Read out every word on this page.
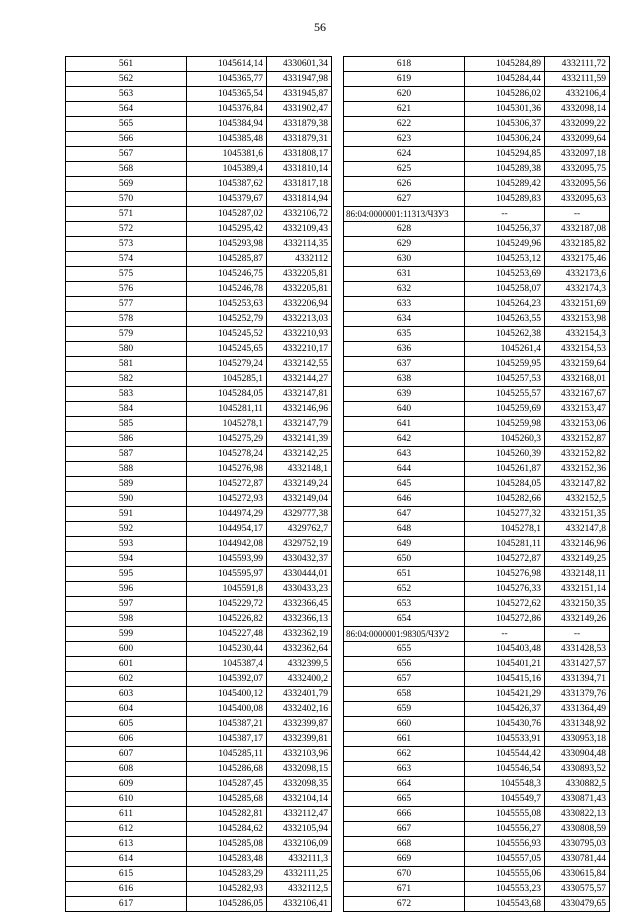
56
561	1045614,14	4330601,34
562	1045365,77	4331947,98
563	1045365,54	4331945,87
564	1045376,84	4331902,47
565	1045384,94	4331879,38
566	1045385,48	4331879,31
567	1045381,6	4331808,17
568	1045389,4	4331810,14
569	1045387,62	4331817,18
570	1045379,67	4331814,94
571	1045287,02	4332106,72
572	1045295,42	4332109,43
573	1045293,98	4332114,35
574	1045285,87	4332112
575	1045246,75	4332205,81
576	1045246,78	4332205,81
577	1045253,63	4332206,94
578	1045252,79	4332213,03
579	1045245,52	4332210,93
580	1045245,65	4332210,17
581	1045279,24	4332142,55
582	1045285,1	4332144,27
583	1045284,05	4332147,81
584	1045281,11	4332146,96
585	1045278,1	4332147,79
586	1045275,29	4332141,39
587	1045278,24	4332142,25
588	1045276,98	4332148,1
589	1045272,87	4332149,24
590	1045272,93	4332149,04
591	1044974,29	4329777,38
592	1044954,17	4329762,7
593	1044942,08	4329752,19
594	1045593,99	4330432,37
595	1045595,97	4330444,01
596	1045591,8	4330433,23
597	1045229,72	4332366,45
598	1045226,82	4332366,13
599	1045227,48	4332362,19
600	1045230,44	4332362,64
601	1045387,4	4332399,5
602	1045392,07	4332400,2
603	1045400,12	4332401,79
604	1045400,08	4332402,16
605	1045387,21	4332399,87
606	1045387,17	4332399,81
607	1045285,11	4332103,96
608	1045286,68	4332098,15
609	1045287,45	4332098,35
610	1045285,68	4332104,14
611	1045282,81	4332112,47
612	1045284,62	4332105,94
613	1045285,08	4332106,09
614	1045283,48	4332111,3
615	1045283,29	4332111,25
616	1045282,93	4332112,5
617	1045286,05	4332106,41
618	1045284,89	4332111,72
619	1045284,44	4332111,59
620	1045286,02	4332106,4
621	1045301,36	4332098,14
622	1045306,37	4332099,22
623	1045306,24	4332099,64
624	1045294,85	4332097,18
625	1045289,38	4332095,75
626	1045289,42	4332095,56
627	1045289,83	4332095,63
86:04:0000001:11313/ЧЗУ3	--	--
628	1045256,37	4332187,08
629	1045249,96	4332185,82
630	1045253,12	4332175,46
631	1045253,69	4332173,6
632	1045258,07	4332174,3
633	1045264,23	4332151,69
634	1045263,55	4332153,98
635	1045262,38	4332154,3
636	1045261,4	4332154,53
637	1045259,95	4332159,64
638	1045257,53	4332168,01
639	1045255,57	4332167,67
640	1045259,69	4332153,47
641	1045259,98	4332153,06
642	1045260,3	4332152,87
643	1045260,39	4332152,82
644	1045261,87	4332152,36
645	1045284,05	4332147,82
646	1045282,66	4332152,5
647	1045277,32	4332151,35
648	1045278,1	4332147,8
649	1045281,11	4332146,96
650	1045272,87	4332149,25
651	1045276,98	4332148,11
652	1045276,33	4332151,14
653	1045272,62	4332150,35
654	1045272,86	4332149,26
86:04:0000001:98305/ЧЗУ2	--	--
655	1045403,48	4331428,53
656	1045401,21	4331427,57
657	1045415,16	4331394,71
658	1045421,29	4331379,76
659	1045426,37	4331364,49
660	1045430,76	4331348,92
661	1045533,91	4330953,18
662	1045544,42	4330904,48
663	1045546,54	4330893,52
664	1045548,3	4330882,5
665	1045549,7	4330871,43
666	1045555,08	4330822,13
667	1045556,27	4330808,59
668	1045556,93	4330795,03
669	1045557,05	4330781,44
670	1045555,06	4330615,84
671	1045553,23	4330575,57
672	1045543,68	4330479,65
